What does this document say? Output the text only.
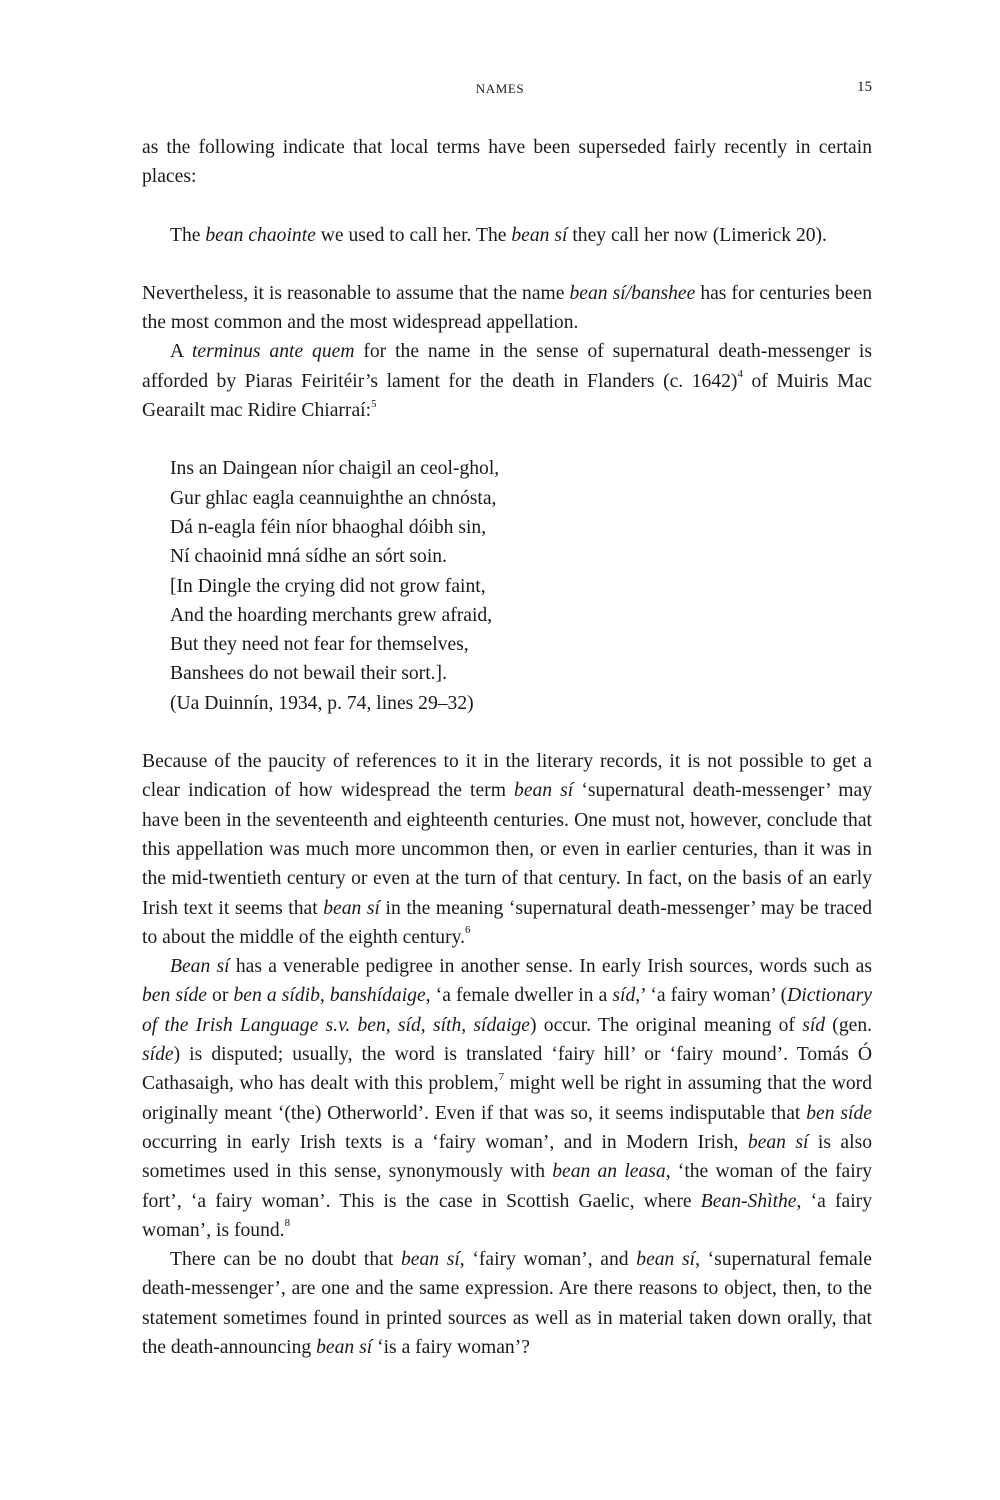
NAMES	15

as the following indicate that local terms have been superseded fairly recently in certain places:

The bean chaointe we used to call her. The bean sí they call her now (Limerick 20).

Nevertheless, it is reasonable to assume that the name bean sí/banshee has for centuries been the most common and the most widespread appellation.

A terminus ante quem for the name in the sense of supernatural death-messenger is afforded by Piaras Feiritéir’s lament for the death in Flanders (c. 1642)$^4$ of Muiris Mac Gearailt mac Ridire Chiarraí:$^5$

Ins an Daingean níor chaigil an ceol-ghol,
Gur ghlac eagla ceannuighthe an chnósta,
Dá n-eagla féin níor bhaoghal dóibh sin,
Ní chaoinid mná sídhe an sórt soin.
[In Dingle the crying did not grow faint,
And the hoarding merchants grew afraid,
But they need not fear for themselves,
Banshees do not bewail their sort.].
(Ua Duinnín, 1934, p. 74, lines 29–32)

Because of the paucity of references to it in the literary records, it is not possible to get a clear indication of how widespread the term bean sí ‘supernatural death-messenger’ may have been in the seventeenth and eighteenth centuries. One must not, however, conclude that this appellation was much more uncommon then, or even in earlier centuries, than it was in the mid-twentieth century or even at the turn of that century. In fact, on the basis of an early Irish text it seems that bean sí in the meaning ‘supernatural death-messenger’ may be traced to about the middle of the eighth century.$^6$

Bean sí has a venerable pedigree in another sense. In early Irish sources, words such as ben síde or ben a sídib, banshídaige, ‘a female dweller in a síd,’ ‘a fairy woman’ (Dictionary of the Irish Language s.v. ben, síd, síth, sídaige) occur. The original meaning of síd (gen. síde) is disputed; usually, the word is translated ‘fairy hill’ or ‘fairy mound’. Tomás Ó Cathasaigh, who has dealt with this problem,$^7$ might well be right in assuming that the word originally meant ‘(the) Otherworld’. Even if that was so, it seems indisputable that ben síde occurring in early Irish texts is a ‘fairy woman’, and in Modern Irish, bean sí is also sometimes used in this sense, synonymously with bean an leasa, ‘the woman of the fairy fort’, ‘a fairy woman’. This is the case in Scottish Gaelic, where Bean-Shìthe, ‘a fairy woman’, is found.$^8$

There can be no doubt that bean sí, ‘fairy woman’, and bean sí, ‘supernatural female death-messenger’, are one and the same expression. Are there reasons to object, then, to the statement sometimes found in printed sources as well as in material taken down orally, that the death-announcing bean sí ‘is a fairy woman’?
